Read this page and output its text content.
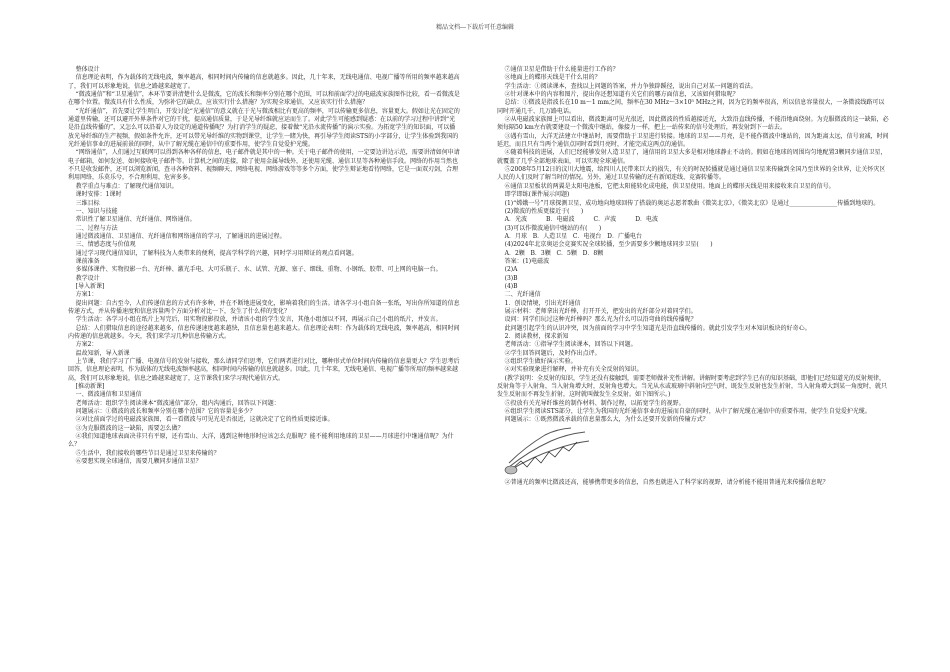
精品文档---下载后可任意编辑

整体设计

信息理论表明，作为载体的无线电波，频率越高，相同时间内传输的信息就越多。因此，几十年来，无线电通信、电视广播等所用的频率越来越高了，我们可以形象地说，信息之路越来越宽了。

“微波通信”和“卫星通信”，本环节要讲清楚什么是微波，它的波长和频率分别在哪个范围，可以和前面学过的电磁波家族图作比较，看一看微波是在哪个位置。微波具有什么性质，为弥补它的缺点，应该实行什么措施？为实现全球通信，又应该实行什么措施？

“光纤通信”，首先要让学生明白，开发讨论“光通信”的意义就在于光与微波相比有更高的频率，可以传输更多信息，容量更大。假如让光在固定的通道里传输，还可以避开外界条件对它的干扰，提高通信质量，于是光导纤维就应运而生了。对此学生可能感到疑惑：在以前的学习过程中讲到“光是沿直线传播的”，又怎么可以沿着人为设定的通道传播呢？为打消学生的疑虑，接着做“光沿水流传播”的演示实验。为拓宽学生的知识面，可以播放光导纤维的生产视频，假如条件允许，还可以带光导纤维的实物到课堂，让学生一睹为快，再引导学生阅读STS的小字部分，让学生体验到我国的光纤通信事业的进展前景的同时，从中了解光缆在通信中的重要作用，使学生自觉爱护光缆。

“网络通信”，人们通过互联网可以得到各种各样的信息，电子邮件就是其中的一种。关于电子邮件的使用，一定要边讲边示范，需要讲清如何申请电子邮箱，如何发送、如何接收电子邮件等。计算机之间的连接，除了使用金属导线外，还使用光缆、通信卫星等各种通信手段。网络的作用当然也不只是收发邮件，还可以浏览新闻，查寻各种资料、视频聊天、网络电视、网络游戏等等多个方面，使学生辩证地看待网络，它是一面双刃剑，合理利用网络，乐莫乐兮，不合理利用，危害多多。

教学重点与难点：了解现代通信知识。

课时安排：1课时

三维目标

一、知识与技能

常识性了解卫星通信、光纤通信、网络通信。

二、过程与方法

通过微波通信、卫星通信、光纤通信和网络通信的学习，了解通讯的进展过程。

三、情感态度与价值观

通过学习现代通信知识，了解科技为人类带来的便利，提高学科学的兴趣，同时学习用辩证的观点看问题。

课前准备

多媒体课件、实物投影一台、光纤棒、激光手电、大可乐瓶子、水、试管、光源、塞子、细线、重物、小钢纸、胶带、可上网的电脑一台。

教学设计

[导入新课]

方案1：

提出问题：自古至今，人们传递信息的方式有许多种，并在不断地进展变化，影响着我们的生活。请各学习小组自备一张纸，写出你所知道的信息传递方式，并从传播速度和信息容量两个方面分析对比一下，发生了什么样的变化？

学生活动：各学习小组在纸片上写完后，用实物投影投放，并请该小组的学生发言，其他小组加以不同，再展示自己小组的纸片，并发言。

总结：人们猎取信息的途径越来越多，信息传递速度越来越快，且信息量也越来越大。信息理论表明：作为载体的无线电波，频率越高，相同时间内传递的信息就越多。今天，我们来学习几种信息传输方式。

方案2：

温故知新，导入新课

上节课，我们学习了广播、电视信号的发射与接收，那么请同学们思考，它们两者进行对比，哪种形式单位时间内传输的信息量更大？学生思考后回答，信息理论表明，作为载体的无线电波频率越高，相同时间内传输的信息就越多。因此，几十年来，无线电通信、电视广播等所用的频率越来越高，我们可以形象地说，信息之路越来越宽了，这节课我们来学习现代通信方式。

[推动新课]

一、微波通信和卫星通信

老师活动：组织学生阅读课本“微波通信”部分，组内沟通后，回答以下问题：

问题展示：①微波的波长和频率分别在哪个范围？它的容量是多少？

②对比前面学过的电磁波家族图，看一看微波与可见光是否很近，这就决定了它的性质更接近谁。

③为克服微波的这一缺陷，需要怎么做？

④我们知道地球表面决非只有平原，还有雪山、大洋，遇到这种地形时应该怎么克服呢？能不能利用地球的卫星——月球进行中继通信呢？为什么？

⑤生活中，我们接收的哪些节目是通过卫星来传输的？

⑥要想实现全球通信，需要几颗同步通信卫星？

⑦通信卫星是借助于什么能量进行工作的？

⑧地面上的蝶形天线是干什么用的？

学生活动：①阅读课本，查找以上问题的答案，并力争独辟蹊径，说出自己对某一问题的看法。

②针对课本中的内容和图片，提出你还想知道有关它们的哪方面信息，又该如何猎取呢？

总结：①微波是指波长在10 m～1 mm之间，频率在30 MHz～3×10⁵ MHz之间，因为它的频率很高，所以信息容量很大，一条微波线路可以同时开通几千、几万路电话。

②从电磁波家族图上可以看出，微波距离可见光很近，因此微波的性质越接近光，大致沿直线传播，不能沿地面绕射。为克服微波的这一缺陷，必须每隔50 km左右就要建设一个微波中继站，像接力一样，把上一站传来的信号处理后，再发射到下一站去。

③遇有雪山，大洋无法建立中继站时，需要借助于卫星进行转接。地球的卫星——月亮，是不能作微波中继站的，因为距离太远，信号衰减，时间延迟，而且只有当两个通信点同时看到月亮时，才能完成这两点的通信。

④随着科技的进展，人们已经能够发射人造卫星了，通信用的卫星大多是相对地球静止不动的。假如在地球的周围均匀地配置3颗同步通信卫星，就覆盖了几乎全部地球表面，可以实现全球通信。

⑤2008年5月12日的汶川大地震，给四川人民带来巨大的损失，有关的时况转播就是通过通信卫星来传输到全国乃至世界的全世界，让关怀灾区人民的人们及时了解当时的情况。另外，通过卫星传输的还有新闻连线、竞赛转播等。

⑥通信卫星板状的两翼是太阳电池板，它把太阳能转化成电能，供卫星使用。地面上的蝶形天线是用来接收来自卫星的信号。

即学即练(课件展示问题)

(1)“嫦娥一号”月球探测卫星，成功地向地球回传了搭载的奥运志愿者歌曲《微笑北京》，《微笑北京》是通过________________传播到地球的。

(2)微波的性质更接近于(      )

A．光波          B．电磁波          C．声波          D．电波

(3)可以作微波通信中继站的有(      )

A．月球   B．人造卫星   C．电视台   D．广播电台

(4)2024年北京奥运会竞赛实况全球转播，至少需要多少颗地球同步卫星(      )

A．2颗   B．3颗   C．5颗   D．8颗

答案：(1)电磁波

(2)A

(3)B

(4)B

二、光纤通信

1．创设情境，引出光纤通信

展示材料：老师拿出光纤棒，打开开关，把发出的光纤部分对着同学们。

设问：同学们玩过这种光纤棒吗？那么光为什么可以沿弯曲的线传播呢？

此问题引起学生的认识冲突，因为前面的学习中学生知道光是沿直线传播的。就此引发学生对本知识板块的好奇心。

2．阅读教材，探求新知

老师活动：①指导学生阅读课本，回答以下问题。

②学生回答问题后，及时作出点评。

③组织学生做好演示实验。

④对实验现象进行解释，并补充有关全反射的知识。

(教学说明：全反射的知识，学生还没有接触到，需要老师做补充性讲解。讲解时要考虑到学生已有的知识基础，即他们已经知道光的反射规律，反射角等于入射角，当入射角增大时，反射角也增大。当光从水或玻璃中斜射向空气时，既发生反射也发生折射，当入射角增大到某一角度时，就只发生反射而不再发生折射，这时就叫做发生全反射。如下图所示。)

⑤投放有关光导纤维丝的制作材料、制作过程，以拓宽学生的视野。

⑥组织学生阅读STS部分，让学生为我国的光纤通信事业的进展而自豪的同时，从中了解光缆在通信中的重要作用，使学生自觉爱护光缆。

问题展示：①既然微波承载的信息量那么大，为什么还要开发新的传输方式？

②普通光的频率比微波还高，能够携带更多的信息，自然也就进入了科学家的视野，请分析能不能用普通光来传播信息呢？
